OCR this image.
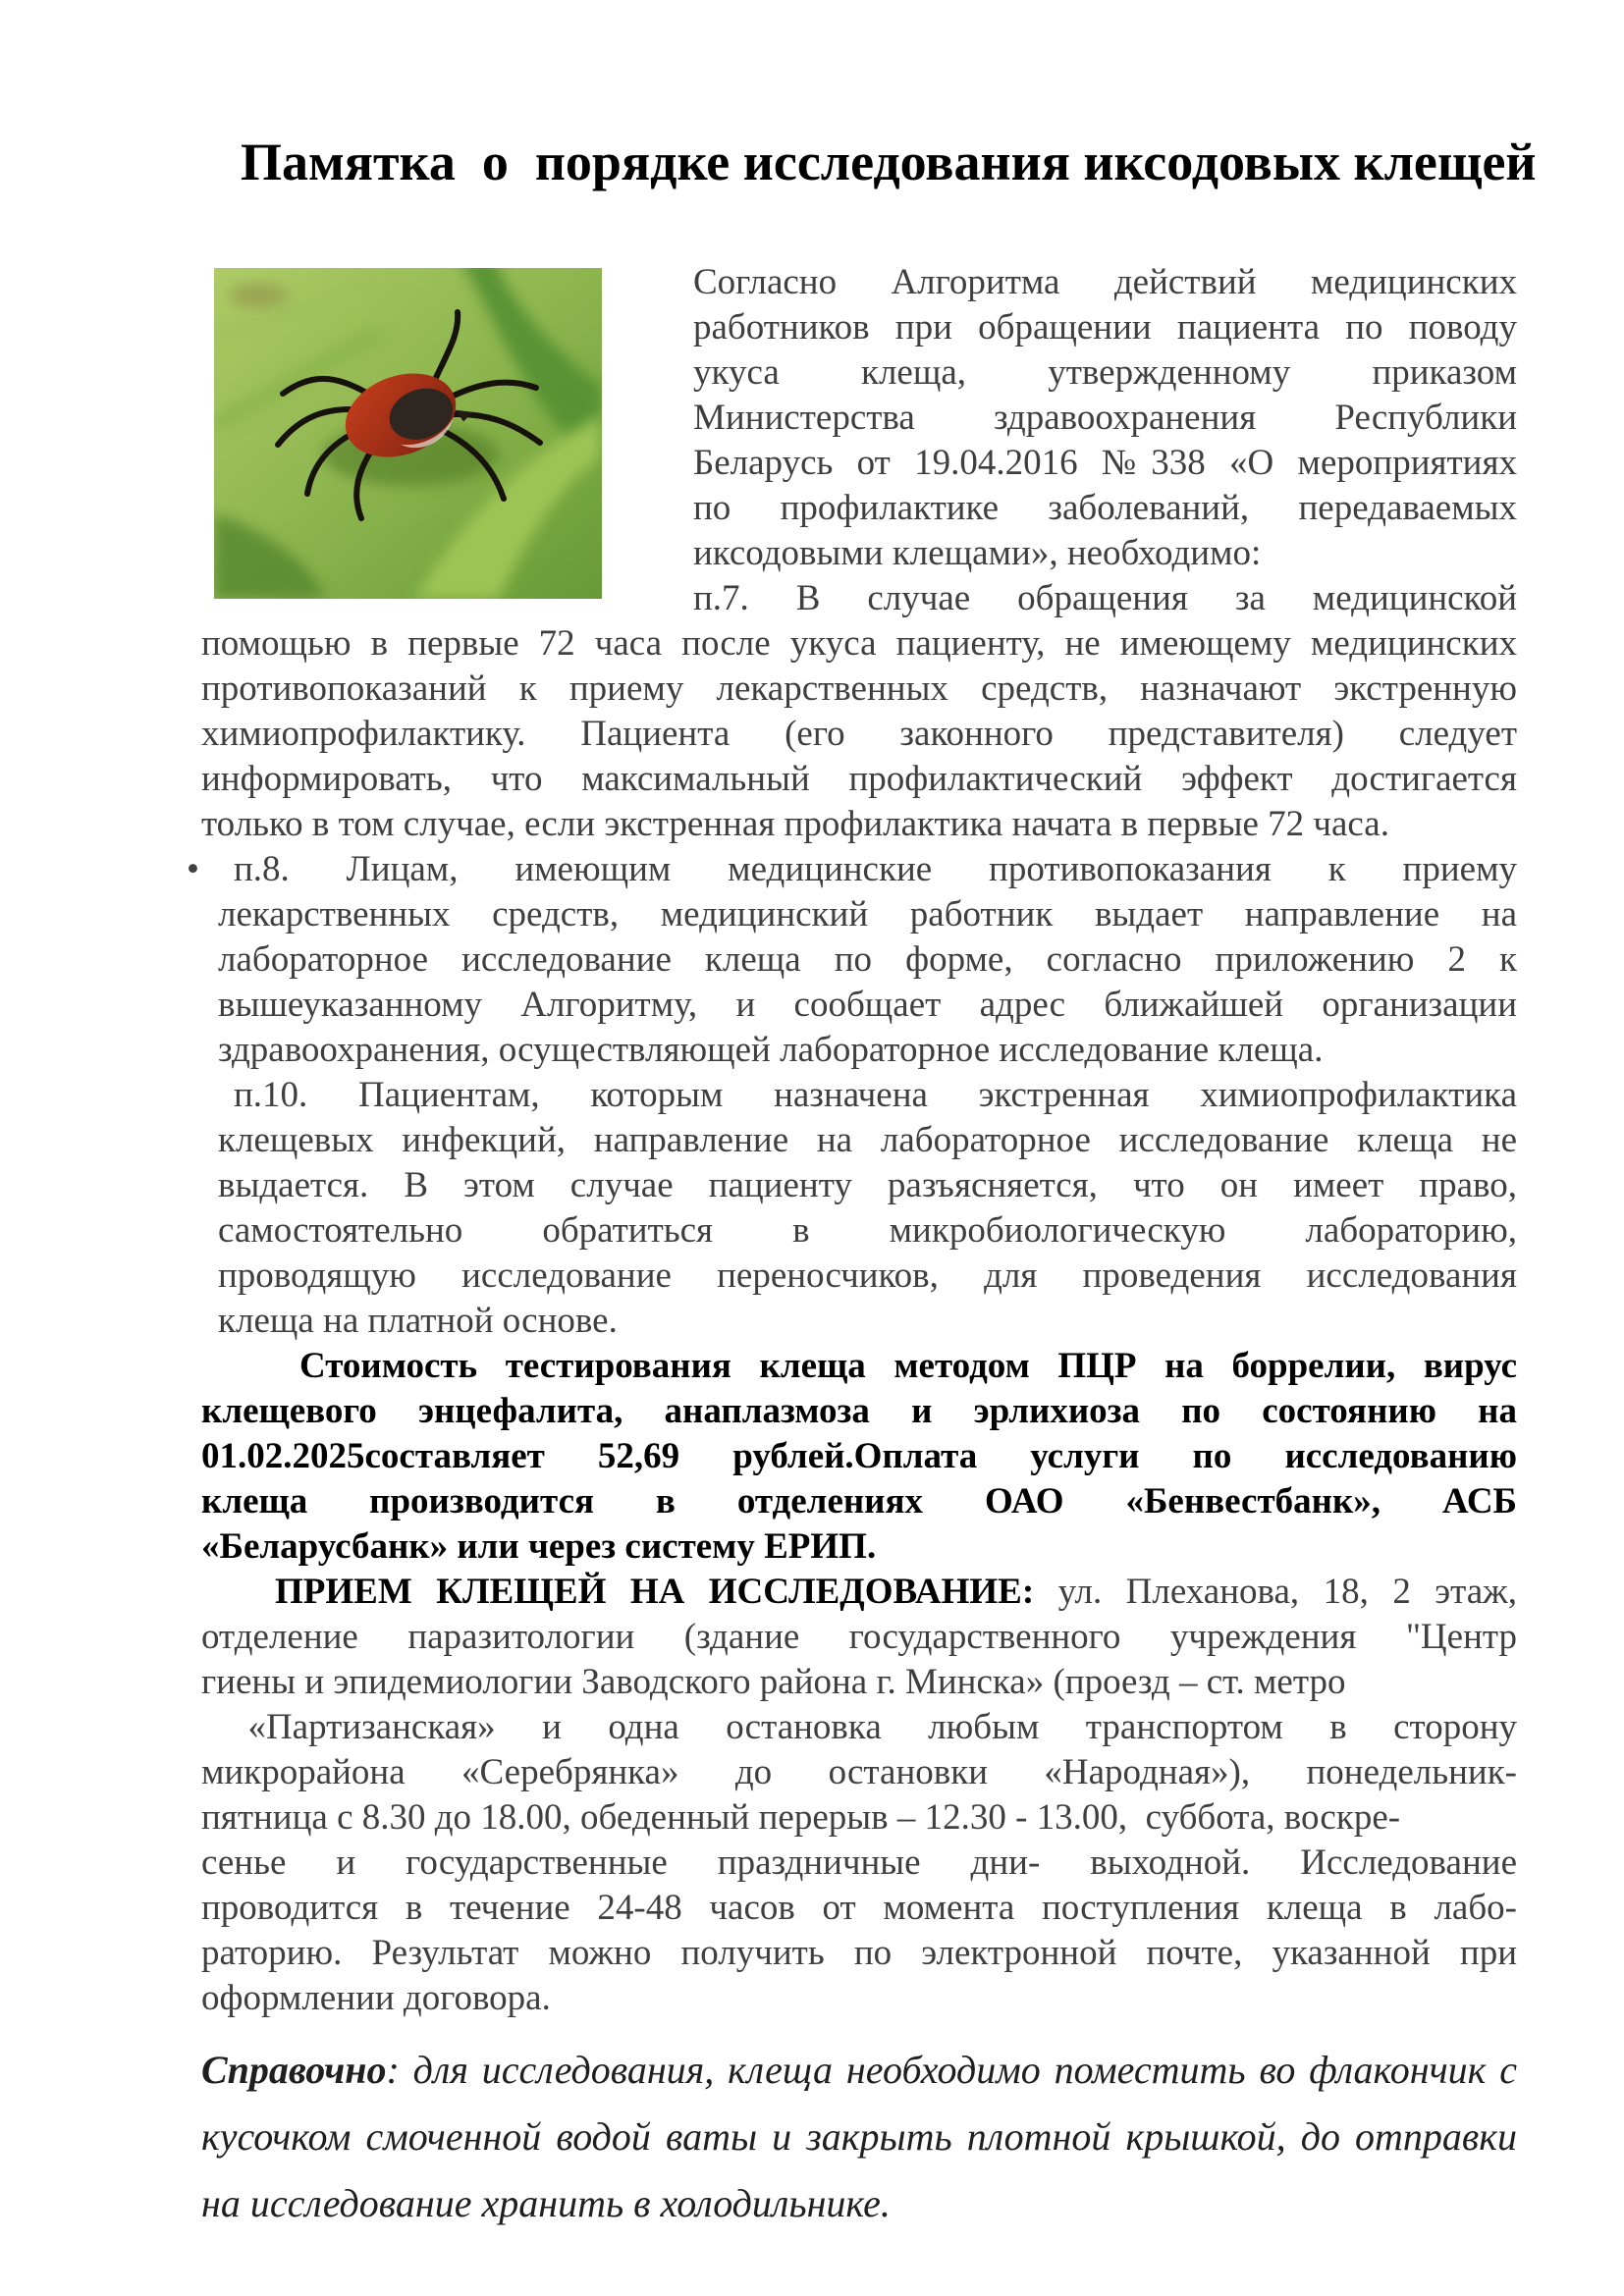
Памятка  о  порядке исследования иксодовых клещей
Согласно Алгоритма действий медицинских
работников при обращении пациента по поводу
укуса клеща, утвержденному приказом
Министерства здравоохранения Республики
Беларусь от 19.04.2016 №338 «О мероприятиях
по профилактике заболеваний, передаваемых
иксодовыми клещами», необходимо:
п.7. В случае обращения за медицинской
помощью в первые 72 часа после укуса пациенту, не имеющему медицинских
противопоказаний к приему лекарственных средств, назначают экстренную
химиопрофилактику. Пациента (его законного представителя) следует
информировать, что максимальный профилактический эффект достигается
только в том случае, если экстренная профилактика начата в первые 72 часа.
• п.8. Лицам, имеющим медицинские противопоказания к приему
лекарственных средств, медицинский работник выдает направление на
лабораторное исследование клеща по форме, согласно приложению 2 к
вышеуказанному Алгоритму, и сообщает адрес ближайшей организации
здравоохранения, осуществляющей лабораторное исследование клеща.
п.10. Пациентам, которым назначена экстренная химиопрофилактика
клещевых инфекций, направление на лабораторное исследование клеща не
выдается. В этом случае пациенту разъясняется, что он имеет право,
самостоятельно обратиться в микробиологическую лабораторию,
проводящую исследование переносчиков, для проведения исследования
клеща на платной основе.
Стоимость тестирования клеща методом ПЦР на боррелии, вирус
клещевого энцефалита, анаплазмоза и эрлихиоза по состоянию на
01.02.2025составляет 52,69 рублей.Оплата услуги по исследованию
клеща производится в отделениях ОАО «Бенвестбанк», АСБ
«Беларусбанк» или через систему ЕРИП.
ПРИЕМ КЛЕЩЕЙ НА ИССЛЕДОВАНИЕ: ул. Плеханова, 18, 2 этаж,
отделение паразитологии (здание государственного учреждения "Центр
гиены и эпидемиологии Заводского района г. Минска» (проезд – ст. метро
«Партизанская» и одна остановка любым транспортом в сторону
микрорайона «Серебрянка» до остановки «Народная»), понедельник-
пятница с 8.30 до 18.00, обеденный перерыв – 12.30 - 13.00,  суббота, воскре-
сенье и государственные праздничные дни- выходной. Исследование
проводится в течение 24-48 часов от момента поступления клеща в лабо-
раторию. Результат можно получить по электронной почте, указанной при
оформлении договора.
Справочно: для исследования, клеща необходимо поместить во флакончик с
кусочком смоченной водой ваты и закрыть плотной крышкой, до отправки
на исследование хранить в холодильнике.
